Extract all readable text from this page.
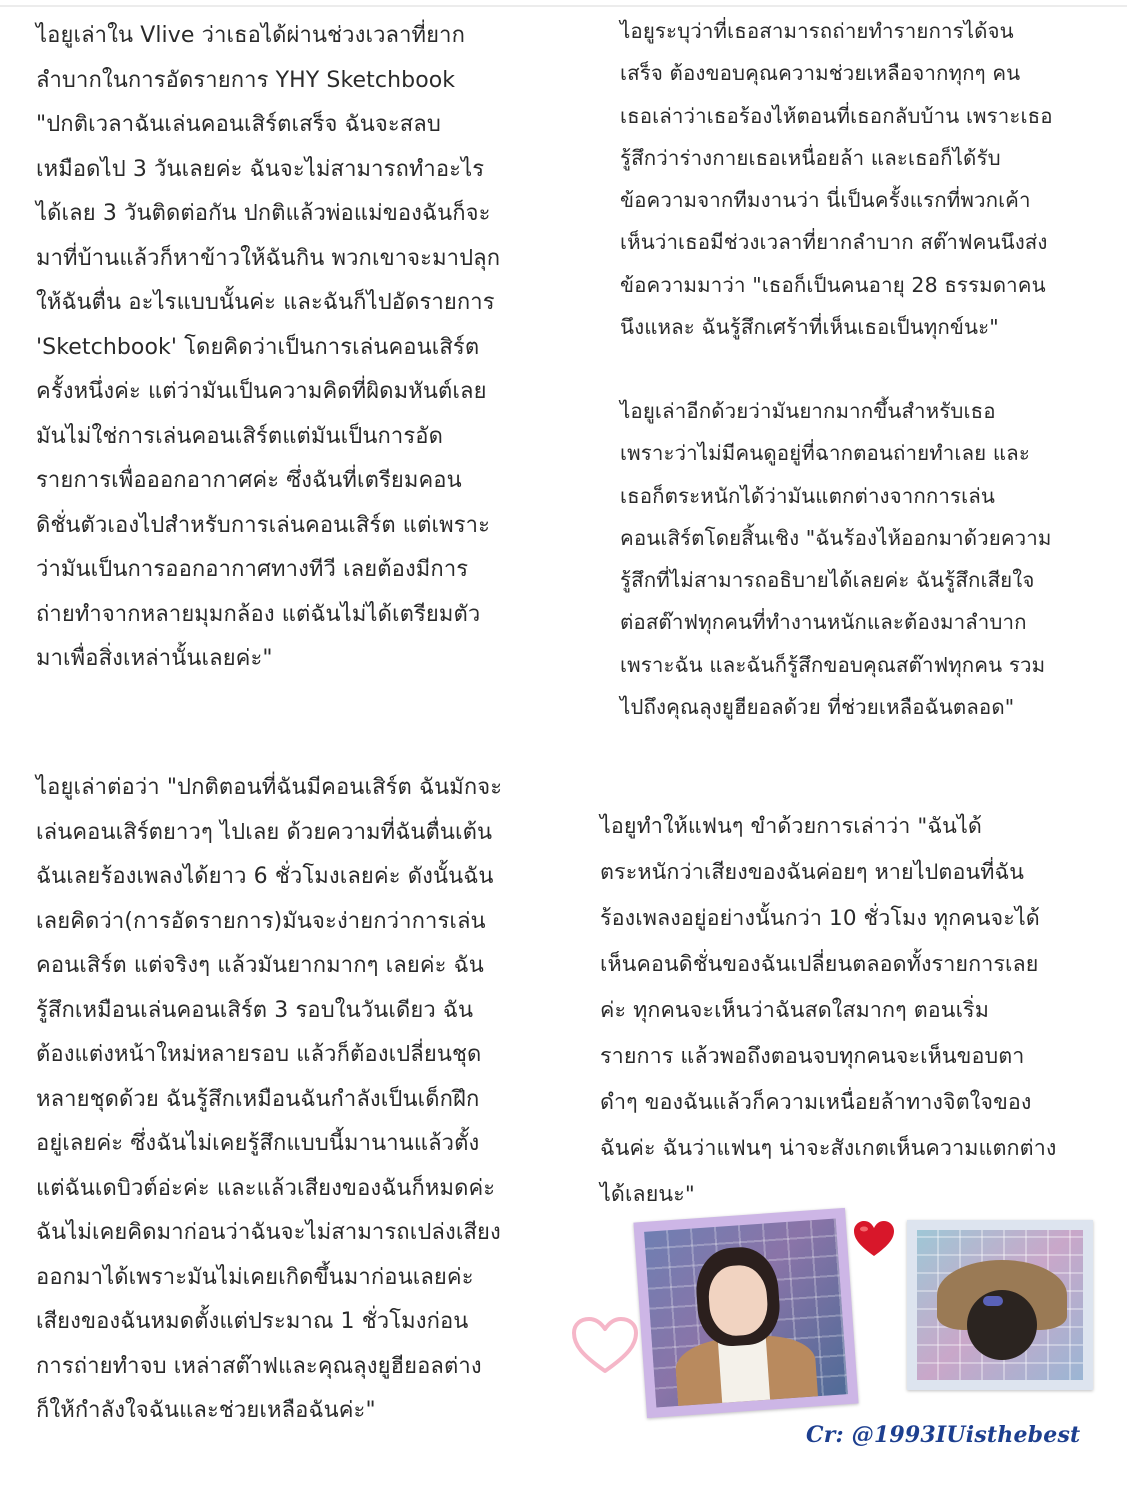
ไอยูเล่าใน Vlive ว่าเธอได้ผ่านช่วงเวลาที่ยาก
ลำบากในการอัดรายการ YHY Sketchbook
"ปกติเวลาฉันเล่นคอนเสิร์ตเสร็จ ฉันจะสลบ
เหมือดไป 3 วันเลยค่ะ ฉันจะไม่สามารถทำอะไร
ได้เลย 3 วันติดต่อกัน ปกติแล้วพ่อแม่ของฉันก็จะ
มาที่บ้านแล้วก็หาข้าวให้ฉันกิน พวกเขาจะมาปลุก
ให้ฉันตื่น อะไรแบบนั้นค่ะ และฉันก็ไปอัดรายการ
'Sketchbook' โดยคิดว่าเป็นการเล่นคอนเสิร์ต
ครั้งหนึ่งค่ะ แต่ว่ามันเป็นความคิดที่ผิดมหันต์เลย
มันไม่ใช่การเล่นคอนเสิร์ตแต่มันเป็นการอัด
รายการเพื่อออกอากาศค่ะ ซึ่งฉันที่เตรียมคอน
ดิชั่นตัวเองไปสำหรับการเล่นคอนเสิร์ต แต่เพราะ
ว่ามันเป็นการออกอากาศทางทีวี เลยต้องมีการ
ถ่ายทำจากหลายมุมกล้อง แต่ฉันไม่ได้เตรียมตัว
มาเพื่อสิ่งเหล่านั้นเลยค่ะ"

ไอยูเล่าต่อว่า "ปกติตอนที่ฉันมีคอนเสิร์ต ฉันมักจะ
เล่นคอนเสิร์ตยาวๆ ไปเลย ด้วยความที่ฉันตื่นเต้น
ฉันเลยร้องเพลงได้ยาว 6 ชั่วโมงเลยค่ะ ดังนั้นฉัน
เลยคิดว่า(การอัดรายการ)มันจะง่ายกว่าการเล่น
คอนเสิร์ต แต่จริงๆ แล้วมันยากมากๆ เลยค่ะ ฉัน
รู้สึกเหมือนเล่นคอนเสิร์ต 3 รอบในวันเดียว ฉัน
ต้องแต่งหน้าใหม่หลายรอบ แล้วก็ต้องเปลี่ยนชุด
หลายชุดด้วย ฉันรู้สึกเหมือนฉันกำลังเป็นเด็กฝึก
อยู่เลยค่ะ ซึ่งฉันไม่เคยรู้สึกแบบนี้มานานแล้วตั้ง
แต่ฉันเดบิวต์อ่ะค่ะ และแล้วเสียงของฉันก็หมดค่ะ
ฉันไม่เคยคิดมาก่อนว่าฉันจะไม่สามารถเปล่งเสียง
ออกมาได้เพราะมันไม่เคยเกิดขึ้นมาก่อนเลยค่ะ
เสียงของฉันหมดตั้งแต่ประมาณ 1 ชั่วโมงก่อน
การถ่ายทำจบ เหล่าสต๊าฟและคุณลุงยูฮียอลต่าง
ก็ให้กำลังใจฉันและช่วยเหลือฉันค่ะ"

ไอยูระบุว่าที่เธอสามารถถ่ายทำรายการได้จน
เสร็จ ต้องขอบคุณความช่วยเหลือจากทุกๆ คน
เธอเล่าว่าเธอร้องไห้ตอนที่เธอกลับบ้าน เพราะเธอ
รู้สึกว่าร่างกายเธอเหนื่อยล้า และเธอก็ได้รับ
ข้อความจากทีมงานว่า นี่เป็นครั้งแรกที่พวกเค้า
เห็นว่าเธอมีช่วงเวลาที่ยากลำบาก สต๊าฟคนนึงส่ง
ข้อความมาว่า "เธอก็เป็นคนอายุ 28 ธรรมดาคน
นึงแหละ ฉันรู้สึกเศร้าที่เห็นเธอเป็นทุกข์นะ"

ไอยูเล่าอีกด้วยว่ามันยากมากขึ้นสำหรับเธอ
เพราะว่าไม่มีคนดูอยู่ที่ฉากตอนถ่ายทำเลย และ
เธอก็ตระหนักได้ว่ามันแตกต่างจากการเล่น
คอนเสิร์ตโดยสิ้นเชิง "ฉันร้องไห้ออกมาด้วยความ
รู้สึกที่ไม่สามารถอธิบายได้เลยค่ะ ฉันรู้สึกเสียใจ
ต่อสต๊าฟทุกคนที่ทำงานหนักและต้องมาลำบาก
เพราะฉัน และฉันก็รู้สึกขอบคุณสต๊าฟทุกคน รวม
ไปถึงคุณลุงยูฮียอลด้วย ที่ช่วยเหลือฉันตลอด"

ไอยูทำให้แฟนๆ ขำด้วยการเล่าว่า "ฉันได้
ตระหนักว่าเสียงของฉันค่อยๆ หายไปตอนที่ฉัน
ร้องเพลงอยู่อย่างนั้นกว่า 10 ชั่วโมง ทุกคนจะได้
เห็นคอนดิชั่นของฉันเปลี่ยนตลอดทั้งรายการเลย
ค่ะ ทุกคนจะเห็นว่าฉันสดใสมากๆ ตอนเริ่ม
รายการ แล้วพอถึงตอนจบทุกคนจะเห็นขอบตา
ดำๆ ของฉันแล้วก็ความเหนื่อยล้าทางจิตใจของ
ฉันค่ะ ฉันว่าแฟนๆ น่าจะสังเกตเห็นความแตกต่าง
ได้เลยนะ"

Cr: @1993IUisthebest
